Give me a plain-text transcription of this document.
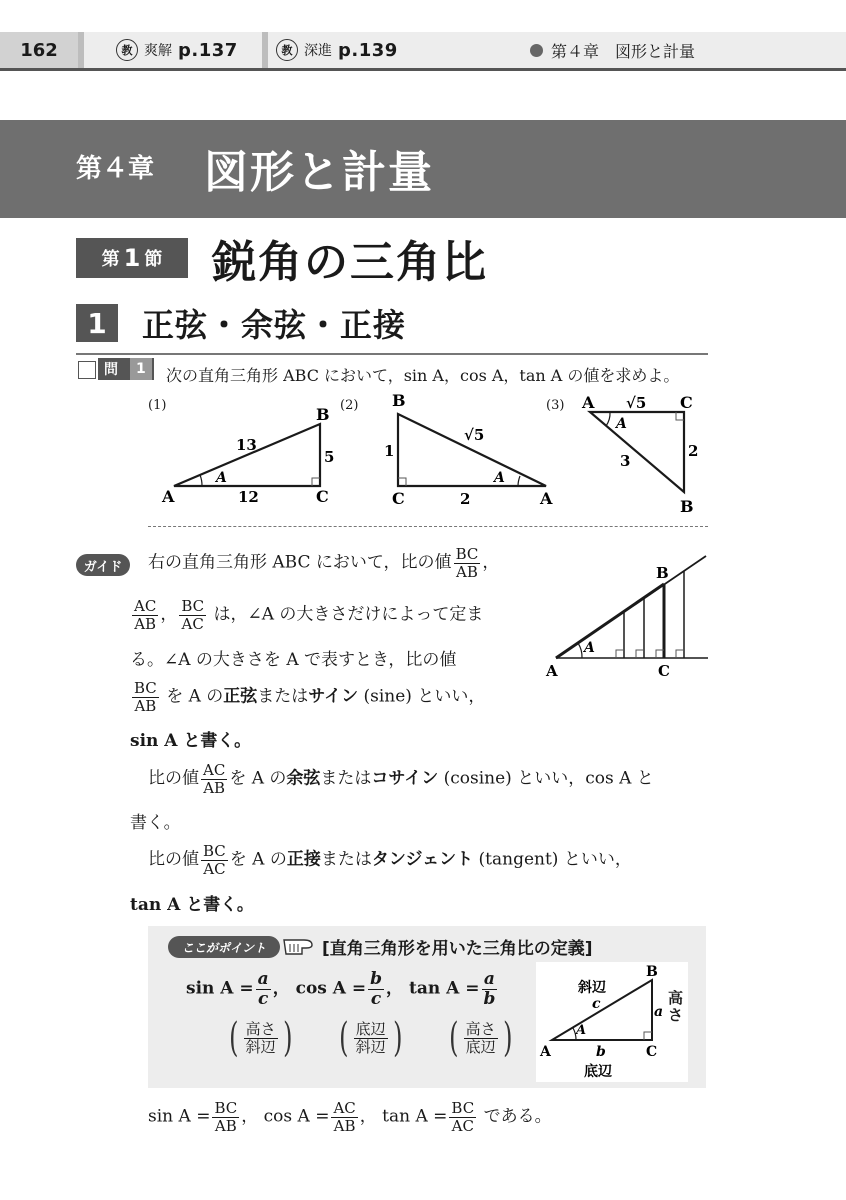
162	教 爽解 p.137	教 深進 p.139	第４章　図形と計量
第４章 図形と計量
第 1 節 鋭角の三角比
1	正弦・余弦・正接
問	1	次の直角三角形 ABC において，sin A，cos A，tan A の値を求めよ。
(1)
A
B
C
13
5
12
A
(2) B
C	A
√5
1
2
A
(3) A	C
B
√5
3
2
A
ガイド	右の直角三角形 ABC において，比の値 $\frac{BC}{AB}$ ，
$\frac{AC}{AB}$ ， $\frac{BC}{AC}$ は，∠A の大きさだけによって定ま
る。∠A の大きさを A で表すとき，比の値
$\frac{BC}{AB}$ を A の正弦またはサイン (sine) といい，
sin A と書く。
比の値 $\frac{AC}{AB}$ を A の余弦またはコサイン (cosine) といい，cos A と
書く。
比の値 $\frac{BC}{AC}$ を A の正接またはタンジェント (tangent) といい，
tan A と書く。
A
B
C
A
ここがポイント	[直角三角形を用いた三角比の定義]
$\sin A = \frac{a}{c}$ ， $\cos A = \frac{b}{c}$ ， $\tan A = \frac{a}{b}$
( $\frac{\text{高さ}}{\text{斜辺}}$ ) ( $\frac{\text{底辺}}{\text{斜辺}}$ ) ( $\frac{\text{高さ}}{\text{底辺}}$ ) A
B
C
斜辺
c	a
b
底辺
A
高さ
$\sin A = \frac{BC}{AB}$ ， $\cos A = \frac{AC}{AB}$ ， $\tan A = \frac{BC}{AC}$ である。
